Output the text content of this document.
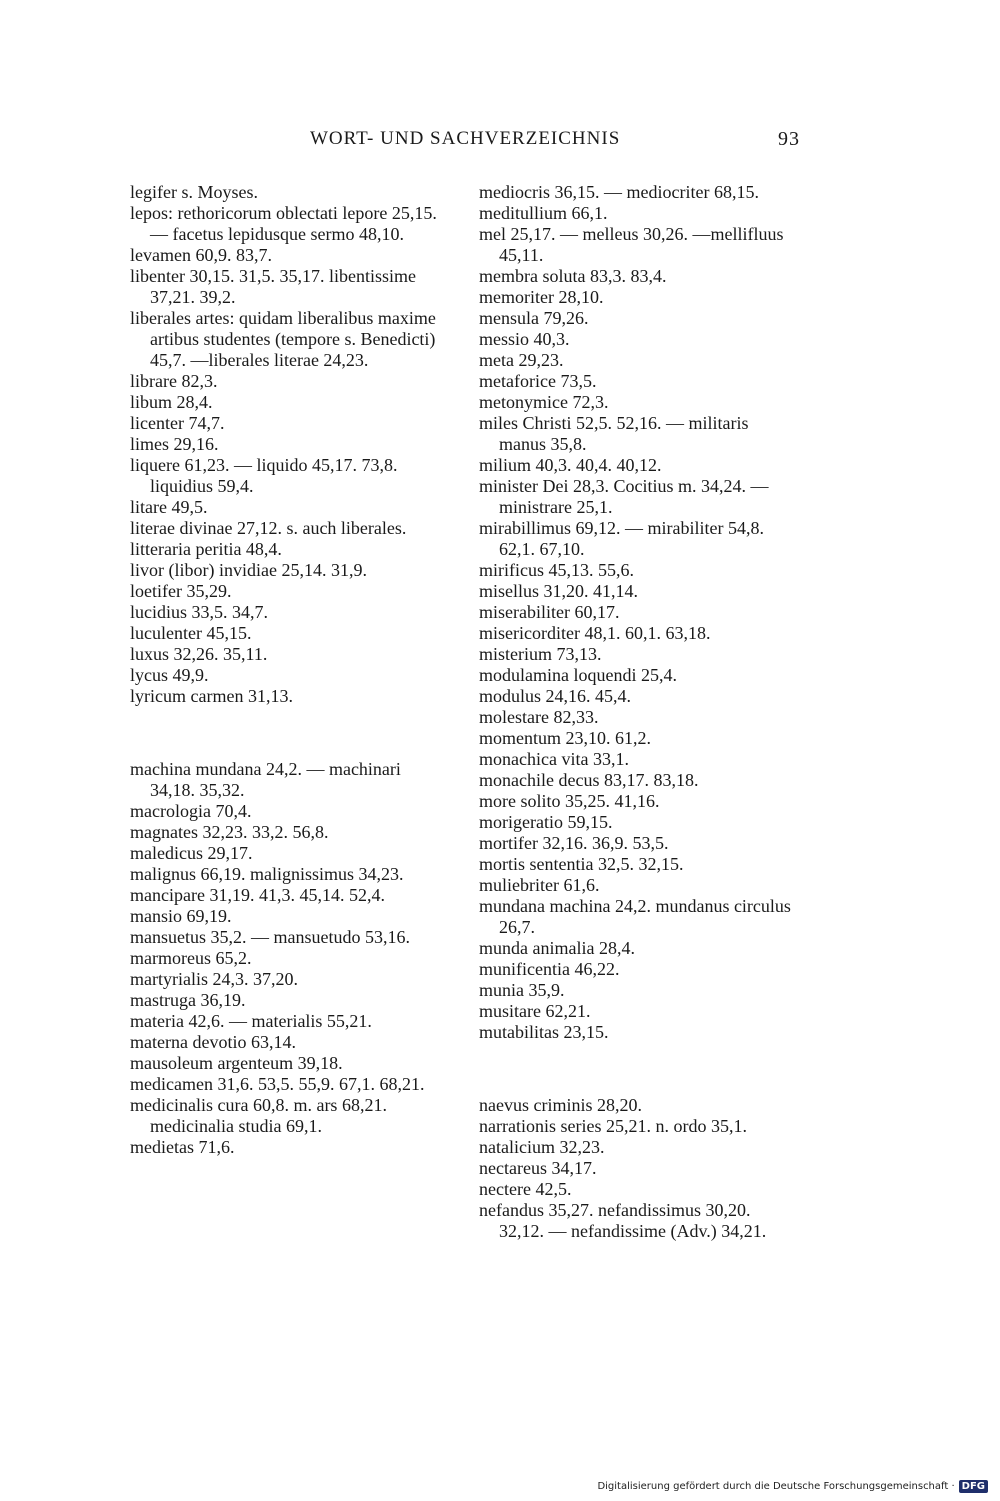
WORT- UND SACHVERZEICHNIS	93

legifer s. Moyses.

lepos: rethoricorum oblectati lepore 25,15. — facetus lepidusque sermo 48,10.

levamen 60,9. 83,7.

libenter 30,15. 31,5. 35,17. libentissime 37,21. 39,2.

liberales artes: quidam liberalibus maxime artibus studentes (tempore s. Benedicti) 45,7. —liberales literae 24,23.

librare 82,3.

libum 28,4.

licenter 74,7.

limes 29,16.

liquere 61,23. — liquido 45,17. 73,8. liquidius 59,4.

litare 49,5.

literae divinae 27,12. s. auch liberales.

litteraria peritia 48,4.

livor (libor) invidiae 25,14. 31,9.

loetifer 35,29.

lucidius 33,5. 34,7.

luculenter 45,15.

luxus 32,26. 35,11.

lycus 49,9.

lyricum carmen 31,13.

machina mundana 24,2. — machinari 34,18. 35,32.

macrologia 70,4.

magnates 32,23. 33,2. 56,8.

maledicus 29,17.

malignus 66,19. malignissimus 34,23.

mancipare 31,19. 41,3. 45,14. 52,4.

mansio 69,19.

mansuetus 35,2. — mansuetudo 53,16.

marmoreus 65,2.

martyrialis 24,3. 37,20.

mastruga 36,19.

materia 42,6. — materialis 55,21.

materna devotio 63,14.

mausoleum argenteum 39,18.

medicamen 31,6. 53,5. 55,9. 67,1. 68,21.

medicinalis cura 60,8. m. ars 68,21. medicinalia studia 69,1.

medietas 71,6.

mediocris 36,15. — mediocriter 68,15.

meditullium 66,1.

mel 25,17. — melleus 30,26. —mellifluus 45,11.

membra soluta 83,3. 83,4.

memoriter 28,10.

mensula 79,26.

messio 40,3.

meta 29,23.

metaforice 73,5.

metonymice 72,3.

miles Christi 52,5. 52,16. — militaris manus 35,8.

milium 40,3. 40,4. 40,12.

minister Dei 28,3. Cocitius m. 34,24. — ministrare 25,1.

mirabillimus 69,12. — mirabiliter 54,8. 62,1. 67,10.

mirificus 45,13. 55,6.

misellus 31,20. 41,14.

miserabiliter 60,17.

misericorditer 48,1. 60,1. 63,18.

misterium 73,13.

modulamina loquendi 25,4.

modulus 24,16. 45,4.

molestare 82,33.

momentum 23,10. 61,2.

monachica vita 33,1.

monachile decus 83,17. 83,18.

more solito 35,25. 41,16.

morigeratio 59,15.

mortifer 32,16. 36,9. 53,5.

mortis sententia 32,5. 32,15.

muliebriter 61,6.

mundana machina 24,2. mundanus circulus 26,7.

munda animalia 28,4.

munificentia 46,22.

munia 35,9.

musitare 62,21.

mutabilitas 23,15.

naevus criminis 28,20.

narrationis series 25,21. n. ordo 35,1.

natalicium 32,23.

nectareus 34,17.

nectere 42,5.

nefandus 35,27. nefandissimus 30,20. 32,12. — nefandissime (Adv.) 34,21.

Digitalisierung gefördert durch die Deutsche Forschungsgemeinschaft · DFG
